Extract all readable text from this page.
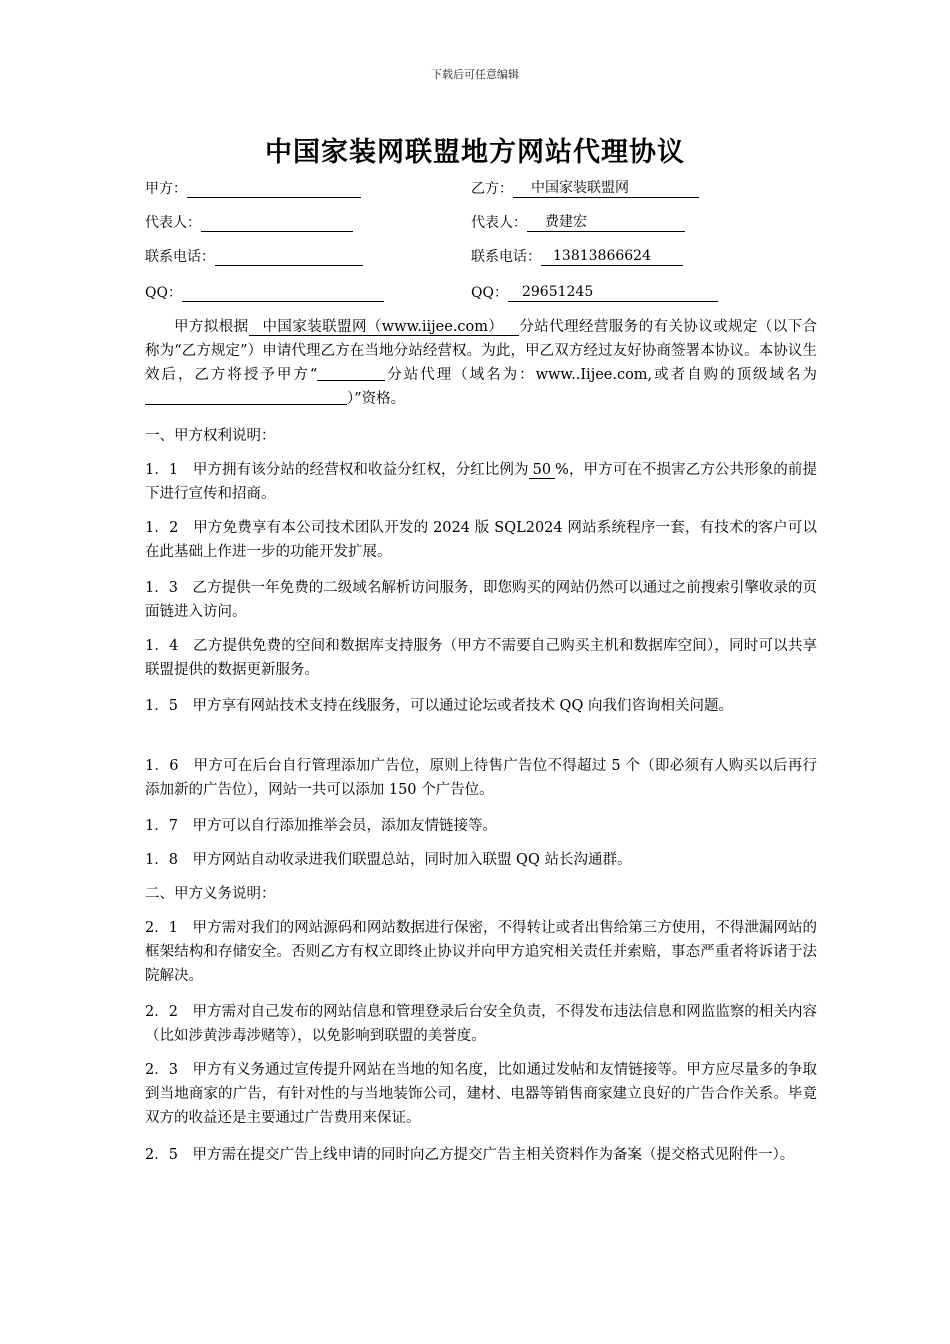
下载后可任意编辑
中国家装网联盟地方网站代理协议
甲方：	乙方： 中国家装联盟网
代表人：	代表人： 费建宏
联系电话：	联系电话： 13813866624
QQ：	QQ： 29651245
甲方拟根据 中国家装联盟网（www.iijee.com） 分站代理经营服务的有关协议或规定（以下合称为“乙方规定”）申请代理乙方在当地分站经营权。为此，甲乙双方经过友好协商签署本协议。本协议生效后，乙方将授予甲方“	分站代理（域名为：www..Iijee.com,或者自购的顶级域名为）”资格。
一、甲方权利说明：
1．1　甲方拥有该分站的经营权和收益分红权，分红比例为 50 %，甲方可在不损害乙方公共形象的前提下进行宣传和招商。
1．2　甲方免费享有本公司技术团队开发的 2024 版 SQL2024 网站系统程序一套，有技术的客户可以在此基础上作进一步的功能开发扩展。
1．3　乙方提供一年免费的二级域名解析访问服务，即您购买的网站仍然可以通过之前搜索引擎收录的页面链进入访问。
1．4　乙方提供免费的空间和数据库支持服务（甲方不需要自己购买主机和数据库空间），同时可以共享联盟提供的数据更新服务。
1．5　甲方享有网站技术支持在线服务，可以通过论坛或者技术 QQ 向我们咨询相关问题。
1．6　甲方可在后台自行管理添加广告位，原则上待售广告位不得超过 5 个（即必须有人购买以后再行添加新的广告位），网站一共可以添加 150 个广告位。
1．7　甲方可以自行添加推举会员，添加友情链接等。
1．8　甲方网站自动收录进我们联盟总站，同时加入联盟 QQ 站长沟通群。
二、甲方义务说明：
2．1　甲方需对我们的网站源码和网站数据进行保密，不得转让或者出售给第三方使用，不得泄漏网站的框架结构和存储安全。否则乙方有权立即终止协议并向甲方追究相关责任并索赔，事态严重者将诉诸于法院解决。
2．2　甲方需对自己发布的网站信息和管理登录后台安全负责，不得发布违法信息和网监监察的相关内容（比如涉黄涉毒涉赌等），以免影响到联盟的美誉度。
2．3　甲方有义务通过宣传提升网站在当地的知名度，比如通过发帖和友情链接等。甲方应尽量多的争取到当地商家的广告，有针对性的与当地装饰公司，建材、电器等销售商家建立良好的广告合作关系。毕竟双方的收益还是主要通过广告费用来保证。
2．5　甲方需在提交广告上线申请的同时向乙方提交广告主相关资料作为备案（提交格式见附件一）。
